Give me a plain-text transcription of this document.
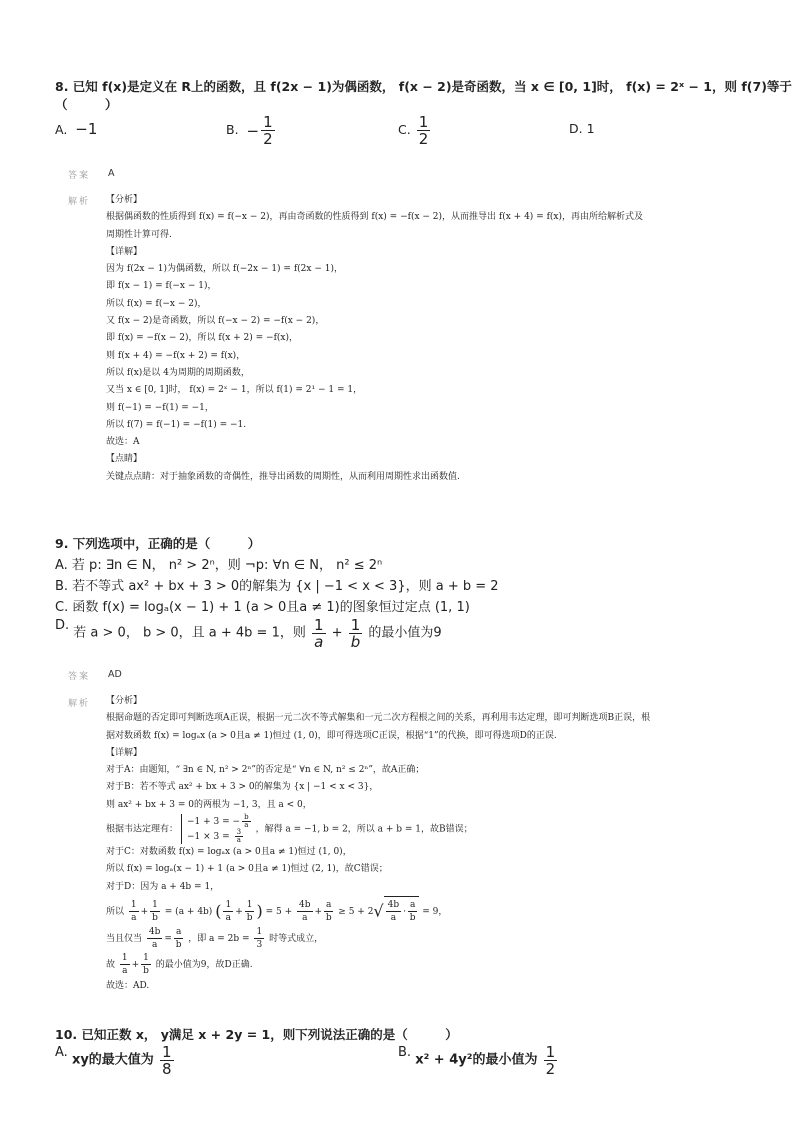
8. 已知 f(x)是定义在 R上的函数，且 f(2x − 1)为偶函数， f(x − 2)是奇函数，当 x ∈ [0, 1]时， f(x) = 2ˣ − 1，则 f(7)等于
（　　　）
A. −1	B. − $\frac{1}{2}$	C. $\frac{1}{2}$	D. 1
答案 A
解析 【分析】
根据偶函数的性质得到 f(x) = f(−x − 2)，再由奇函数的性质得到 f(x) = −f(x − 2)，从而推导出 f(x + 4) = f(x)，再由所给解析式及
周期性计算可得.
【详解】
因为 f(2x − 1)为偶函数，所以 f(−2x − 1) = f(2x − 1)，
即 f(x − 1) = f(−x − 1)，
所以 f(x) = f(−x − 2)，
又 f(x − 2)是奇函数，所以 f(−x − 2) = −f(x − 2)，
即 f(x) = −f(x − 2)，所以 f(x + 2) = −f(x)，
则 f(x + 4) = −f(x + 2) = f(x)，
所以 f(x)是以 4为周期的周期函数，
又当 x ∈ [0, 1]时， f(x) = 2ˣ − 1，所以 f(1) = 2¹ − 1 = 1，
则 f(−1) = −f(1) = −1，
所以 f(7) = f(−1) = −f(1) = −1.
故选：A
【点睛】
关键点点睛：对于抽象函数的奇偶性，推导出函数的周期性，从而利用周期性求出函数值.
9. 下列选项中，正确的是（　　　）
A. 若 p: ∃n ∈ N， n² > 2ⁿ，则 ¬p: ∀n ∈ N， n² ≤ 2ⁿ
B. 若不等式 ax² + bx + 3 > 0的解集为 {x | −1 < x < 3}，则 a + b = 2
C. 函数 f(x) = logₐ(x − 1) + 1 (a > 0且a ≠ 1)的图象恒过定点 (1, 1)
D. 若 a > 0， b > 0，且 a + 4b = 1，则 $\frac{1}{a} + \frac{1}{b}$ 的最小值为9
答案 AD
解析 【分析】
根据命题的否定即可判断选项A正误，根据一元二次不等式解集和一元二次方程根之间的关系，再利用韦达定理，即可判断选项B正误，根
据对数函数 f(x) = logₐx (a > 0且a ≠ 1)恒过 (1, 0)，即可得选项C正误，根据“1”的代换，即可得选项D的正误.
【详解】
对于A：由题知，“ ∃n ∈ N, n² > 2ⁿ”的否定是“ ∀n ∈ N, n² ≤ 2ⁿ”，故A正确；
对于B：若不等式 ax² + bx + 3 > 0的解集为 {x | −1 < x < 3}，
则 ax² + bx + 3 = 0的两根为 −1, 3，且 a < 0，
根据韦达定理有：
−1 + 3 = − $\frac{b}{a}$
$-1 \times 3 = \frac{3}{a}$ ，解得 a = −1, b = 2，所以 a + b = 1，故B错误；
对于C：对数函数 f(x) = logₐx (a > 0且a ≠ 1)恒过 (1, 0)，
所以 f(x) = logₐ(x − 1) + 1 (a > 0且a ≠ 1)恒过 (2, 1)，故C错误；
对于D：因为 a + 4b = 1，
所以 $\frac{1}{a} + \frac{1}{b} = (a + 4b)$ ( $\frac{1}{a} + \frac{1}{b}$ ) = $5 + \frac{4b}{a} + \frac{a}{b} \ge 5 + 2√ \frac{4b}{a} \cdot \frac{a}{b} = 9$，
当且仅当 $\frac{4b}{a} = \frac{a}{b}$ ，即 $a = 2b = \frac{1}{3}$ 时等式成立，
故 $\frac{1}{a} + \frac{1}{b}$ 的最小值为9，故D正确.
故选：AD.
10. 已知正数 x， y满足 x + 2y = 1，则下列说法正确的是（　　　）
A. xy的最大值为 $\frac{1}{8}$	B. x² + 4y²的最小值为 $\frac{1}{2}$
